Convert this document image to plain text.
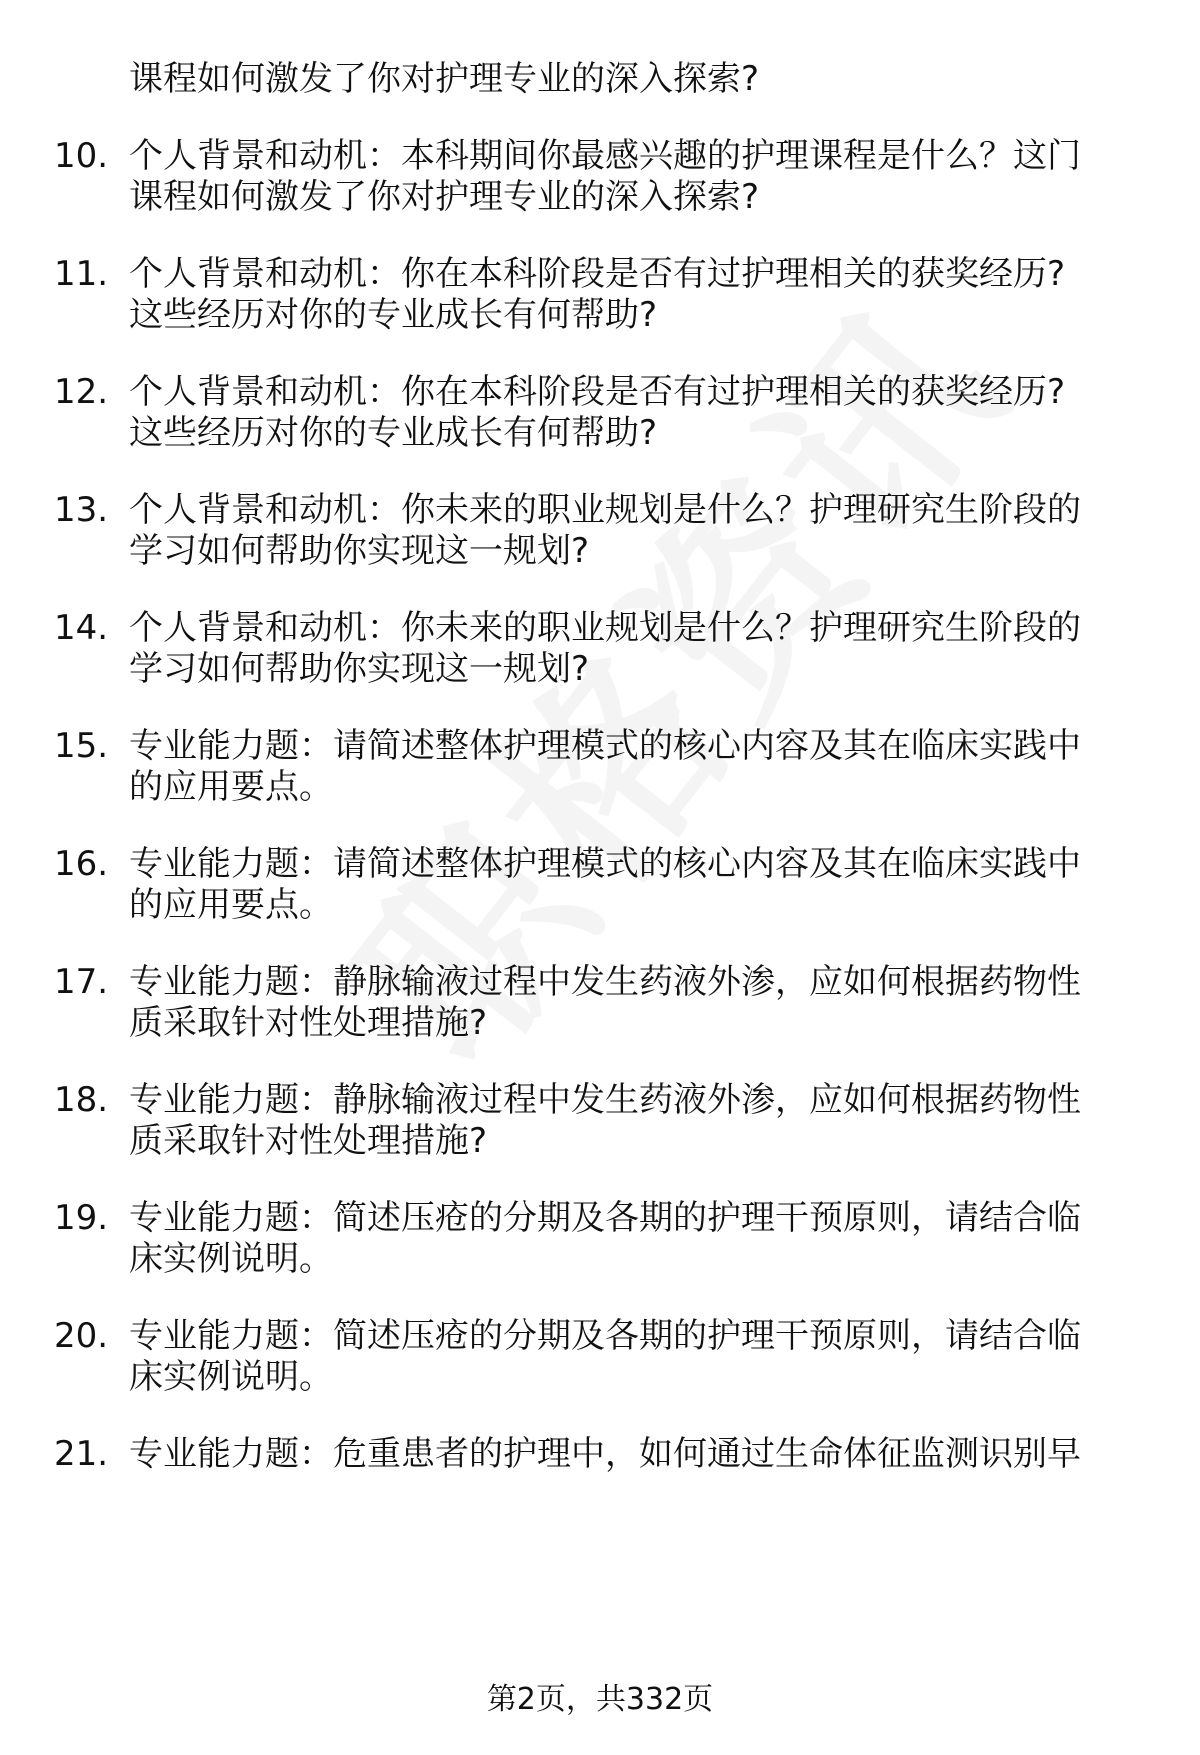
课程如何激发了你对护理专业的深入探索?
10. 个人背景和动机：本科期间你最感兴趣的护理课程是什么？这门
课程如何激发了你对护理专业的深入探索?
11. 个人背景和动机：你在本科阶段是否有过护理相关的获奖经历?
这些经历对你的专业成长有何帮助?
12. 个人背景和动机：你在本科阶段是否有过护理相关的获奖经历?
这些经历对你的专业成长有何帮助?
13. 个人背景和动机：你未来的职业规划是什么？护理研究生阶段的
学习如何帮助你实现这一规划?
14. 个人背景和动机：你未来的职业规划是什么？护理研究生阶段的
学习如何帮助你实现这一规划?
15. 专业能力题：请简述整体护理模式的核心内容及其在临床实践中
的应用要点。
16. 专业能力题：请简述整体护理模式的核心内容及其在临床实践中
的应用要点。
17. 专业能力题：静脉输液过程中发生药液外渗，应如何根据药物性
质采取针对性处理措施?
18. 专业能力题：静脉输液过程中发生药液外渗，应如何根据药物性
质采取针对性处理措施?
19. 专业能力题：简述压疮的分期及各期的护理干预原则，请结合临
床实例说明。
20. 专业能力题：简述压疮的分期及各期的护理干预原则，请结合临
床实例说明。
21. 专业能力题：危重患者的护理中，如何通过生命体征监测识别早
第2页，共332页
